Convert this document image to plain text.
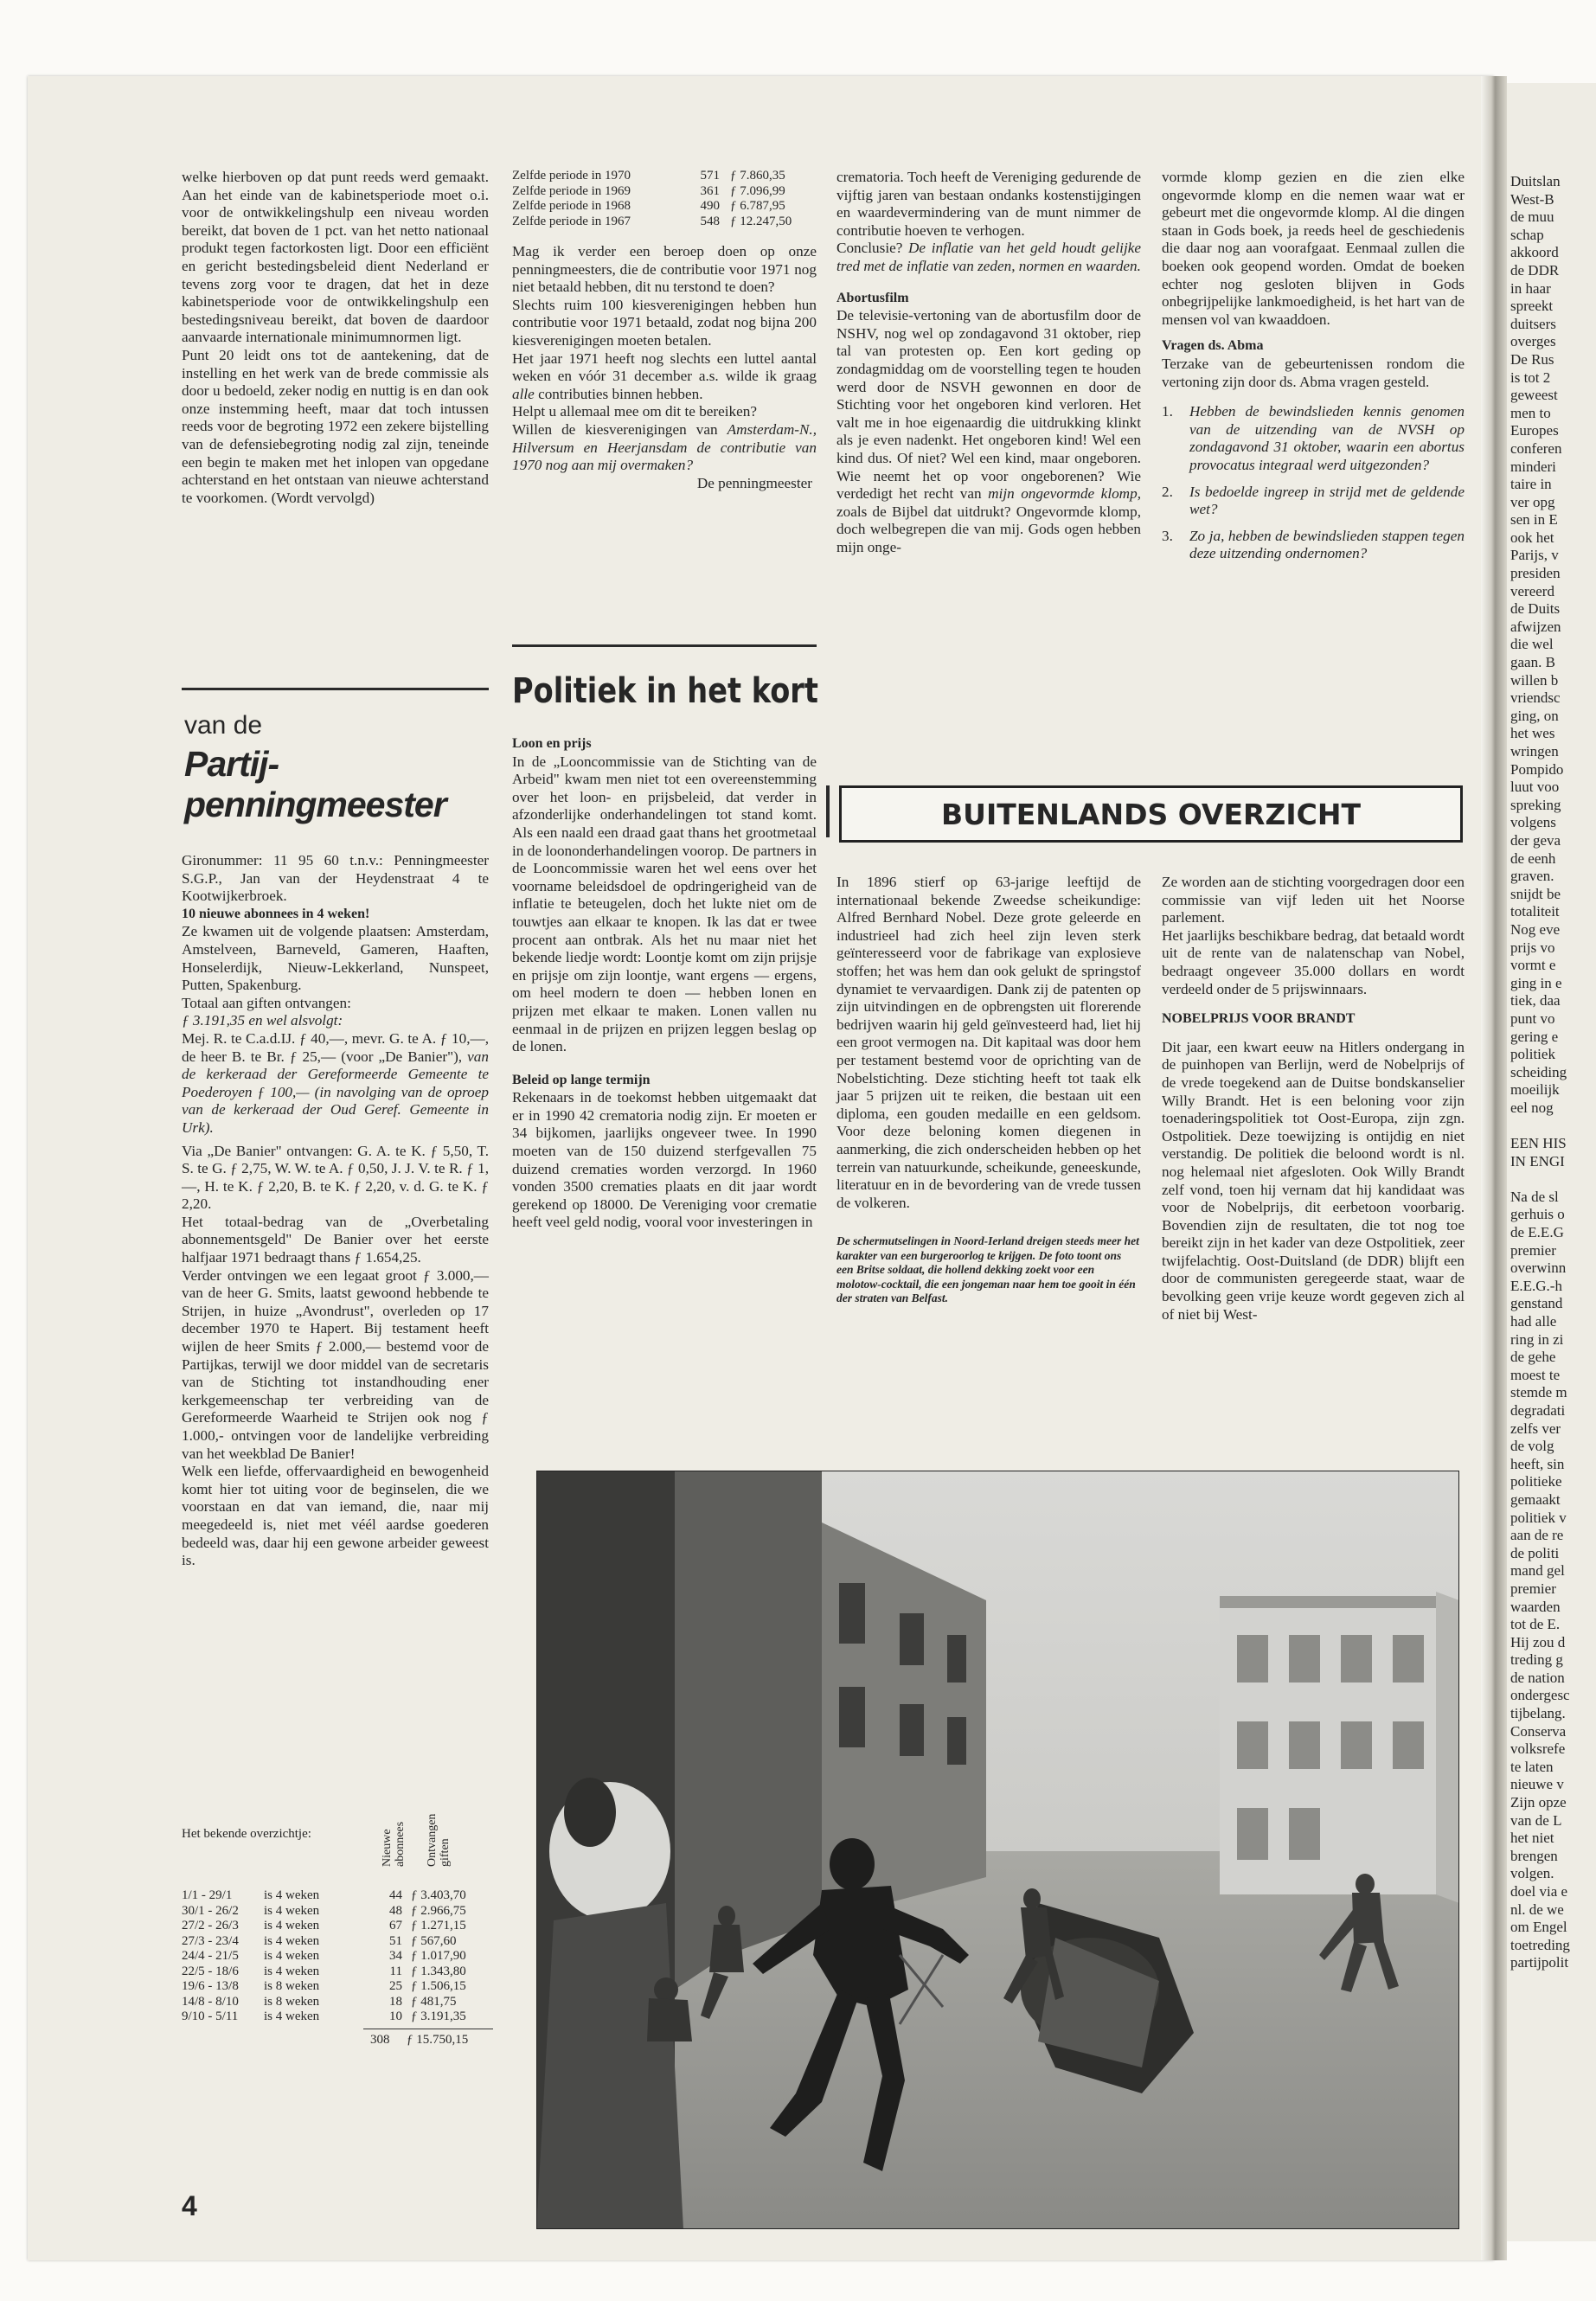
Duitslan
West-B
de muu
schap
akkoord
de DDR
in haar
spreekt
duitsers
overges
De Rus
is tot 2
geweest
men to
Europes
conferen
minderi
taire in
ver opg
sen in E
ook het
Parijs, v
presiden
vereerd
de Duits
afwijzen
die wel
gaan. B
willen b
vriendsc
ging, on
het wes
wringen
Pompido
luut voo
spreking
volgens
der geva
de eenh
graven.
snijdt be
totaliteit
Nog eve
prijs vo
vormt e
ging in e
tiek, daa
punt vo
gering e
politiek
scheiding
moeilijk
eel nog

EEN HIS
IN ENGI

Na de sl
gerhuis o
de E.E.G
premier
overwinn
E.E.G.-h
genstand
had alle
ring in zi
de gehe
moest te
stemde m
degradati
zelfs ver
de volg
heeft, sin
politieke
gemaakt
politiek v
aan de re
de politi
mand gel
premier
waarden
tot de E.
Hij zou d
treding g
de nation
ondergesc
tijbelang.
Conserva
volksrefe
te laten
nieuwe v
Zijn opze
van de L
het niet
brengen
volgen.
doel via e
nl. de we
om Engel
toetreding
partijpolit

welke hierboven op dat punt reeds werd gemaakt. Aan het einde van de kabinetsperiode moet o.i. voor de ontwikkelingshulp een niveau worden bereikt, dat boven de 1 pct. van het netto nationaal produkt tegen factorkosten ligt. Door een efficiënt en gericht bestedingsbeleid dient Nederland er tevens zorg voor te dragen, dat het in deze kabinetsperiode voor de ontwikkelingshulp een bestedingsniveau bereikt, dat boven de daardoor aanvaarde internationale minimumnormen ligt.

Punt 20 leidt ons tot de aantekening, dat de instelling en het werk van de brede commissie als door u bedoeld, zeker nodig en nuttig is en dan ook onze instemming heeft, maar dat toch intussen reeds voor de begroting 1972 een zekere bijstelling van de defensiebegroting nodig zal zijn, teneinde een begin te maken met het inlopen van opgedane achterstand en het ontstaan van nieuwe achterstand te voorkomen. (Wordt vervolgd)

van de
Partij-
penningmeester

Gironummer: 11 95 60 t.n.v.: Penningmeester S.G.P., Jan van der Heydenstraat 4 te Kootwijkerbroek.

10 nieuwe abonnees in 4 weken!

Ze kwamen uit de volgende plaatsen: Amsterdam, Amstelveen, Barneveld, Gameren, Haaften, Honselerdijk, Nieuw-Lekkerland, Nunspeet, Putten, Spakenburg.

Totaal aan giften ontvangen:

ƒ 3.191,35 en wel alsvolgt:

Mej. R. te C.a.d.IJ. ƒ 40,—, mevr. G. te A. ƒ 10,—, de heer B. te Br. ƒ 25,— (voor „De Banier"), van de kerkeraad der Gereformeerde Gemeente te Poederoyen ƒ 100,— (in navolging van de oproep van de kerkeraad der Oud Geref. Gemeente in Urk).

Via „De Banier" ontvangen: G. A. te K. ƒ 5,50, T. S. te G. ƒ 2,75, W. W. te A. ƒ 0,50, J. J. V. te R. ƒ 1,—, H. te K. ƒ 2,20, B. te K. ƒ 2,20, v. d. G. te K. ƒ 2,20.

Het totaal-bedrag van de „Overbetaling abonnementsgeld" De Banier over het eerste halfjaar 1971 bedraagt thans ƒ 1.654,25.

Verder ontvingen we een legaat groot ƒ 3.000,— van de heer G. Smits, laatst gewoond hebbende te Strijen, in huize „Avondrust", overleden op 17 december 1970 te Hapert. Bij testament heeft wijlen de heer Smits ƒ 2.000,— bestemd voor de Partijkas, terwijl we door middel van de secretaris van de Stichting tot instandhouding ener kerkgemeenschap ter verbreiding van de Gereformeerde Waarheid te Strijen ook nog ƒ 1.000,- ontvingen voor de landelijke verbreiding van het weekblad De Banier!

Welk een liefde, offervaardigheid en bewogenheid komt hier tot uiting voor de beginselen, die we voorstaan en dat van iemand, die, naar mij meegedeeld is, niet met véél aardse goederen bedeeld was, daar hij een gewone arbeider geweest is.

Het bekende overzichtje:	Nieuwe abonnees Ontvangen giften
1/1 - 29/1	is 4 weken	44	ƒ 3.403,70
30/1 - 26/2	is 4 weken	48	ƒ 2.966,75
27/2 - 26/3	is 4 weken	67	ƒ 1.271,15
27/3 - 23/4	is 4 weken	51	ƒ 567,60
24/4 - 21/5	is 4 weken	34	ƒ 1.017,90
22/5 - 18/6	is 4 weken	11	ƒ 1.343,80
19/6 - 13/8	is 8 weken	25	ƒ 1.506,15
14/8 - 8/10	is 8 weken	18	ƒ 481,75
9/10 - 5/11	is 4 weken	10	ƒ 3.191,35
308 ƒ 15.750,15
4
Zelfde periode in 1970	571	ƒ 7.860,35
Zelfde periode in 1969	361	ƒ 7.096,99
Zelfde periode in 1968	490	ƒ 6.787,95
Zelfde periode in 1967	548	ƒ 12.247,50

Mag ik verder een beroep doen op onze penningmeesters, die de contributie voor 1971 nog niet betaald hebben, dit nu terstond te doen?

Slechts ruim 100 kiesverenigingen hebben hun contributie voor 1971 betaald, zodat nog bijna 200 kiesverenigingen moeten betalen.

Het jaar 1971 heeft nog slechts een luttel aantal weken en vóór 31 december a.s. wilde ik graag alle contributies binnen hebben.

Helpt u allemaal mee om dit te bereiken?

Willen de kiesverenigingen van Amsterdam-N., Hilversum en Heerjansdam de contributie van 1970 nog aan mij overmaken?

De penningmeester

Politiek in het kort

Loon en prijs

In de „Looncommissie van de Stichting van de Arbeid" kwam men niet tot een overeenstemming over het loon- en prijsbeleid, dat verder in afzonderlijke onderhandelingen tot stand komt. Als een naald een draad gaat thans het grootmetaal in de loononderhandelingen voorop. De partners in de Looncommissie waren het wel eens over het voorname beleidsdoel de opdringerigheid van de inflatie te beteugelen, doch het lukte niet om de touwtjes aan elkaar te knopen. Ik las dat er twee procent aan ontbrak. Als het nu maar niet het bekende liedje wordt: Loontje komt om zijn prijsje en prijsje om zijn loontje, want ergens — ergens, om heel modern te doen — hebben lonen en prijzen met elkaar te maken. Lonen vallen nu eenmaal in de prijzen en prijzen leggen beslag op de lonen.

Beleid op lange termijn

Rekenaars in de toekomst hebben uitgemaakt dat er in 1990 42 crematoria nodig zijn. Er moeten er 34 bijkomen, jaarlijks ongeveer twee. In 1990 moeten van de 150 duizend sterfgevallen 75 duizend crematies worden verzorgd. In 1960 vonden 3500 crematies plaats en dit jaar wordt gerekend op 18000. De Vereniging voor crematie heeft veel geld nodig, vooral voor investeringen in

crematoria. Toch heeft de Vereniging gedurende de vijftig jaren van bestaan ondanks kostenstijgingen en waardevermindering van de munt nimmer de contributie hoeven te verhogen.

Conclusie? De inflatie van het geld houdt gelijke tred met de inflatie van zeden, normen en waarden.

Abortusfilm

De televisie-vertoning van de abortusfilm door de NSHV, nog wel op zondagavond 31 oktober, riep tal van protesten op. Een kort geding op zondagmiddag om de voorstelling tegen te houden werd door de NSVH gewonnen en door de Stichting voor het ongeboren kind verloren. Het valt me in hoe eigenaardig die uitdrukking klinkt als je even nadenkt. Het ongeboren kind! Wel een kind dus. Of niet? Wel een kind, maar ongeboren. Wie neemt het op voor ongeborenen? Wie verdedigt het recht van mijn ongevormde klomp, zoals de Bijbel dat uitdrukt? Ongevormde klomp, doch welbegrepen die van mij. Gods ogen hebben mijn onge-

vormde klomp gezien en die zien elke ongevormde klomp en die nemen waar wat er gebeurt met die ongevormde klomp. Al die dingen staan in Gods boek, ja reeds heel de geschiedenis die daar nog aan voorafgaat. Eenmaal zullen die boeken ook geopend worden. Omdat de boeken echter nog gesloten blijven in Gods onbegrijpelijke lankmoedigheid, is het hart van de mensen vol van kwaaddoen.

Vragen ds. Abma

Terzake van de gebeurtenissen rondom die vertoning zijn door ds. Abma vragen gesteld.

1.	Hebben de bewindslieden kennis genomen van de uitzending van de NVSH op zondagavond 31 oktober, waarin een abortus provocatus integraal werd uitgezonden?
2.	Is bedoelde ingreep in strijd met de geldende wet?
3.	Zo ja, hebben de bewindslieden stappen tegen deze uitzending ondernomen?
BUITENLANDS OVERZICHT

In 1896 stierf op 63-jarige leeftijd de internationaal bekende Zweedse scheikundige: Alfred Bernhard Nobel. Deze grote geleerde en industrieel had zich heel zijn leven sterk geïnteresseerd voor de fabrikage van explosieve stoffen; het was hem dan ook gelukt de springstof dynamiet te vervaardigen. Dank zij de patenten op zijn uitvindingen en de opbrengsten uit florerende bedrijven waarin hij geld geïnvesteerd had, liet hij een groot vermogen na. Dit kapitaal was door hem per testament bestemd voor de oprichting van de Nobelstichting. Deze stichting heeft tot taak elk jaar 5 prijzen uit te reiken, die bestaan uit een diploma, een gouden medaille en een geldsom. Voor deze beloning komen diegenen in aanmerking, die zich onderscheiden hebben op het terrein van natuurkunde, scheikunde, geneeskunde, literatuur en in de bevordering van de vrede tussen de volkeren.

De schermutselingen in Noord-Ierland dreigen steeds meer het karakter van een burgeroorlog te krijgen. De foto toont ons een Britse soldaat, die hollend dekking zoekt voor een molotow-cocktail, die een jongeman naar hem toe gooit in één der straten van Belfast.

Ze worden aan de stichting voorgedragen door een commissie van vijf leden uit het Noorse parlement.

Het jaarlijks beschikbare bedrag, dat betaald wordt uit de rente van de nalatenschap van Nobel, bedraagt ongeveer 35.000 dollars en wordt verdeeld onder de 5 prijswinnaars.

NOBELPRIJS VOOR BRANDT

Dit jaar, een kwart eeuw na Hitlers ondergang in de puinhopen van Berlijn, werd de Nobelprijs of de vrede toegekend aan de Duitse bondskanselier Willy Brandt. Het is een beloning voor zijn toenaderingspolitiek tot Oost-Europa, zijn zgn. Ostpolitiek. Deze toewijzing is ontijdig en niet verstandig. De politiek die beloond wordt is nl. nog helemaal niet afgesloten. Ook Willy Brandt zelf vond, toen hij vernam dat hij kandidaat was voor de Nobelprijs, dit eerbetoon voorbarig. Bovendien zijn de resultaten, die tot nog toe bereikt zijn in het kader van deze Ostpolitiek, zeer twijfelachtig. Oost-Duitsland (de DDR) blijft een door de communisten geregeerde staat, waar de bevolking geen vrije keuze wordt gegeven zich al of niet bij West-
